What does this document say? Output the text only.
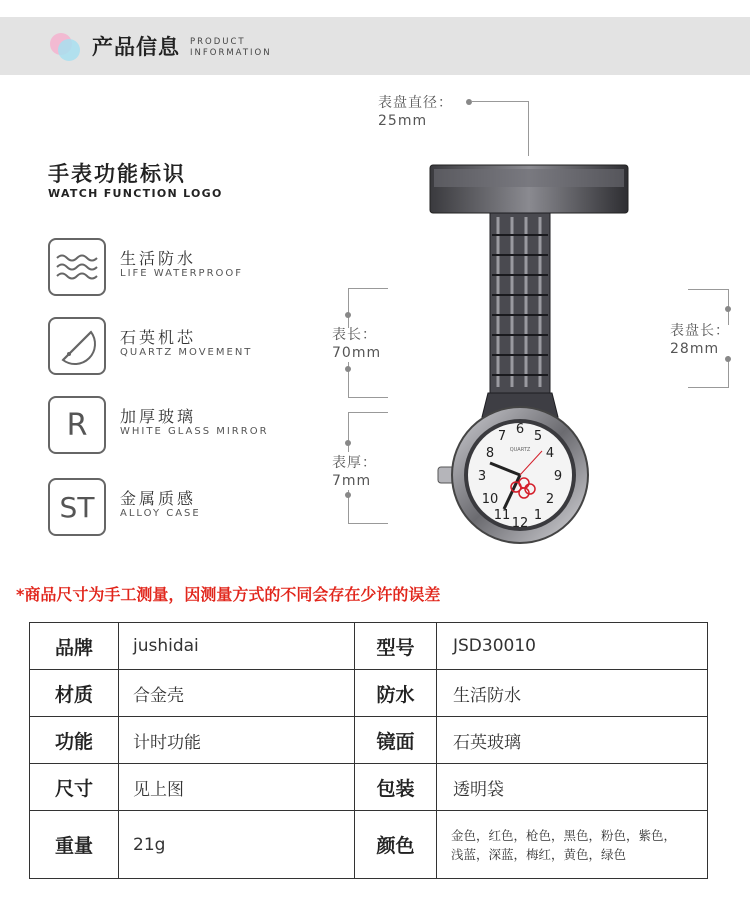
产品信息 PRODUCT
INFORMATION
手表功能标识
WATCH FUNCTION LOGO
生活防水
LIFE WATERPROOF
石英机芯
QUARTZ MOVEMENT
R 加厚玻璃
WHITE GLASS MIRROR
ST 金属质感
ALLOY CASE
表盘直径：
25mm
表长：
70mm
表厚：
7mm
表盘长：
28mm
6
12
3	9
7 5
8	4
10	2
11 1
QUARTZ
*商品尺寸为手工测量，因测量方式的不同会存在少许的误差
品牌	jushidai	型号	JSD30010
材质	合金壳	防水	生活防水
功能	计时功能	镜面	石英玻璃
尺寸	见上图	包装	透明袋
重量	21g	颜色	金色，红色，枪色，黑色，粉色，紫色，
浅蓝，深蓝，梅红，黄色，绿色
